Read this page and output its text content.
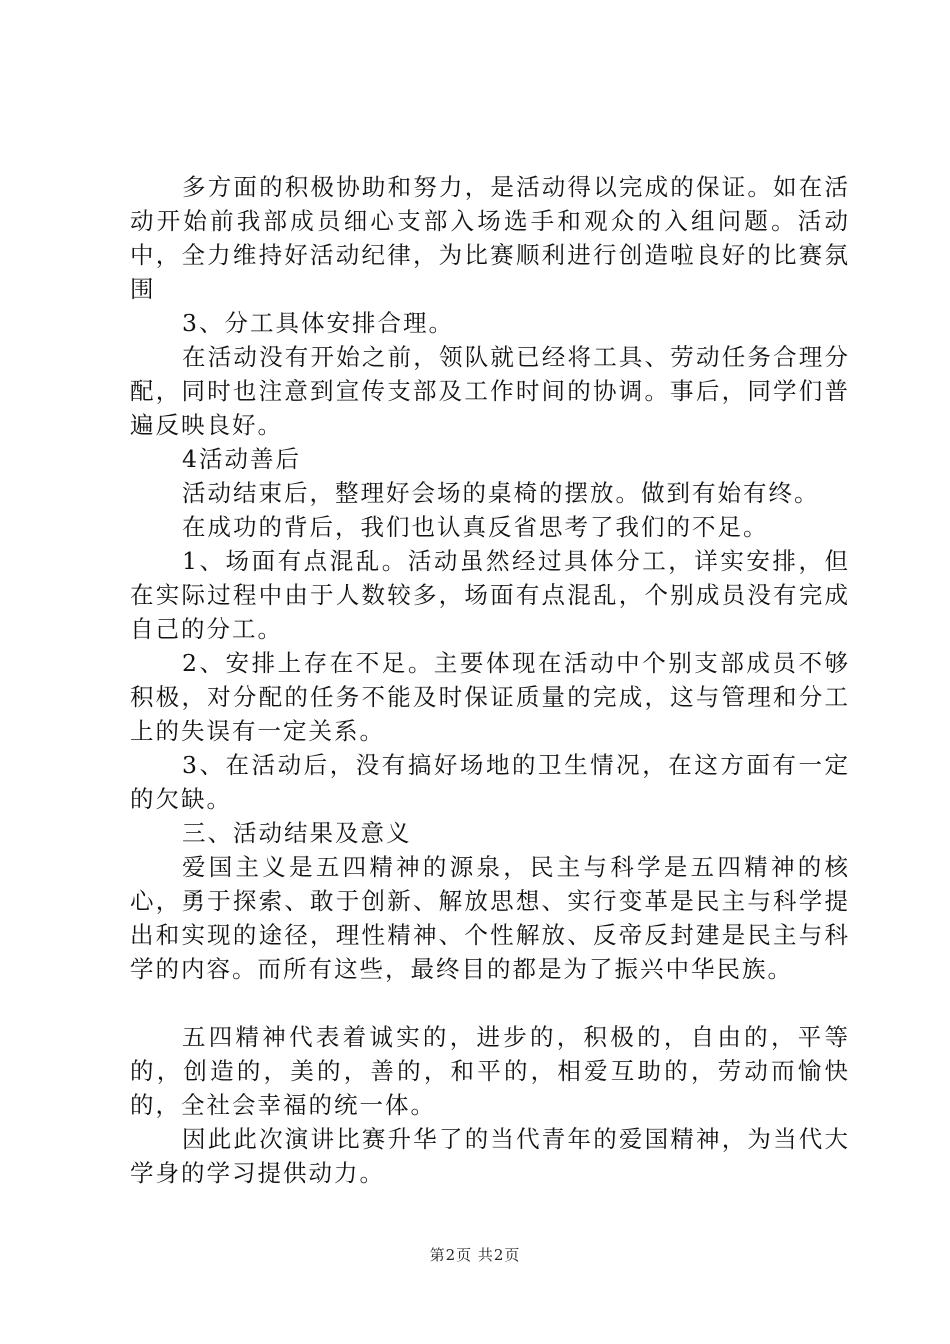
多方面的积极协助和努力，是活动得以完成的保证。如在活动开始前我部成员细心支部入场选手和观众的入组问题。活动中，全力维持好活动纪律，为比赛顺利进行创造啦良好的比赛氛围

3、分工具体安排合理。

在活动没有开始之前，领队就已经将工具、劳动任务合理分配，同时也注意到宣传支部及工作时间的协调。事后，同学们普遍反映良好。

4活动善后

活动结束后，整理好会场的桌椅的摆放。做到有始有终。

在成功的背后，我们也认真反省思考了我们的不足。

1、场面有点混乱。活动虽然经过具体分工，详实安排，但在实际过程中由于人数较多，场面有点混乱，个别成员没有完成自己的分工。

2、安排上存在不足。主要体现在活动中个别支部成员不够积极，对分配的任务不能及时保证质量的完成，这与管理和分工上的失误有一定关系。

3、在活动后，没有搞好场地的卫生情况，在这方面有一定的欠缺。

三、活动结果及意义

爱国主义是五四精神的源泉，民主与科学是五四精神的核心，勇于探索、敢于创新、解放思想、实行变革是民主与科学提出和实现的途径，理性精神、个性解放、反帝反封建是民主与科学的内容。而所有这些，最终目的都是为了振兴中华民族。

五四精神代表着诚实的，进步的，积极的，自由的，平等的，创造的，美的，善的，和平的，相爱互助的，劳动而愉快的，全社会幸福的统一体。

因此此次演讲比赛升华了的当代青年的爱国精神，为当代大学身的学习提供动力。

第2页 共2页
